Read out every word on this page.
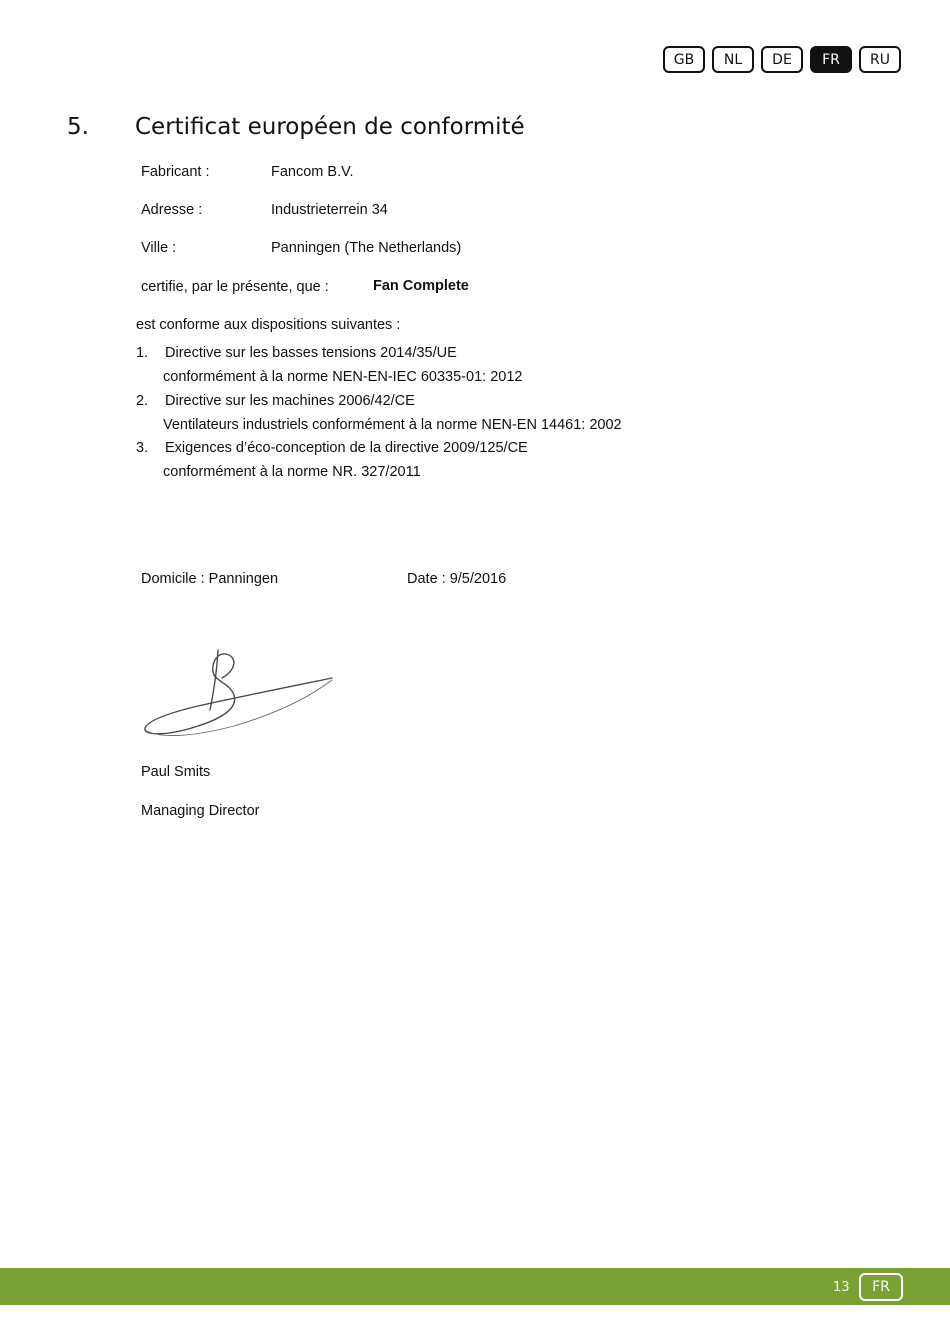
GB	NL	DE	FR	RU
5. Certificat européen de conformité
Fabricant :	Fancom B.V.
Adresse :	Industrieterrein 34
Ville :	Panningen (The Netherlands)
certifie, par le présente, que :	Fan Complete
est conforme aux dispositions suivantes :
1. Directive sur les basses tensions 2014/35/UE
conformément à la norme NEN-EN-IEC 60335-01: 2012
2. Directive sur les machines 2006/42/CE
Ventilateurs industriels conformément à la norme NEN-EN 14461: 2002
3. Exigences d’éco-conception de la directive 2009/125/CE
conformément à la norme NR. 327/2011
Domicile : Panningen	Date : 9/5/2016
Paul Smits
Managing Director
13	FR
